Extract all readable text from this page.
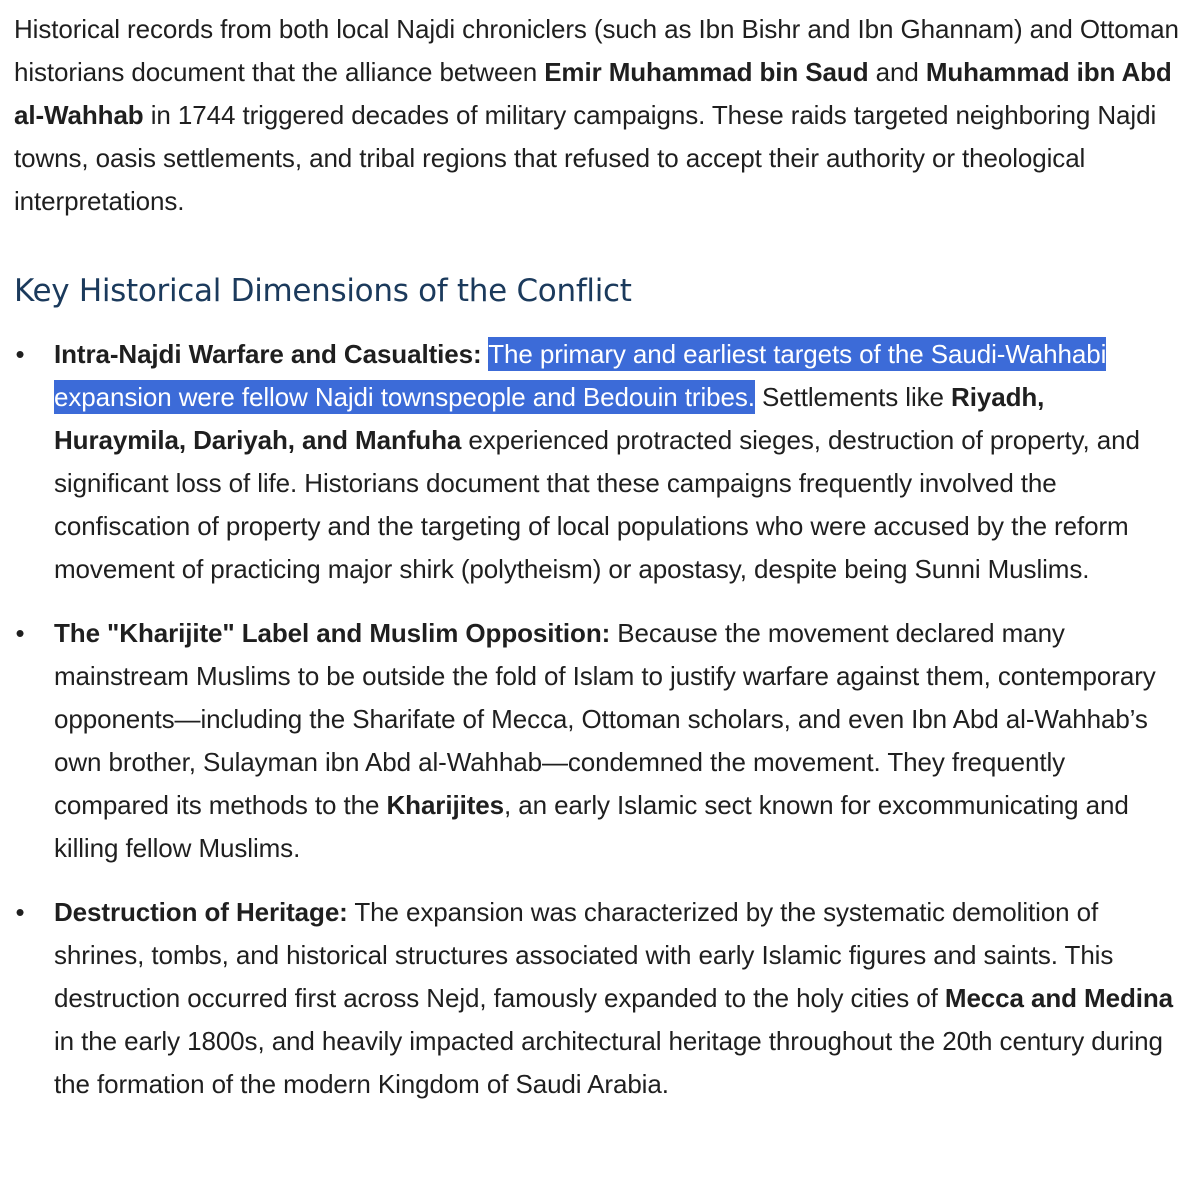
Historical records from both local Najdi chroniclers (such as Ibn Bishr and Ibn Ghannam) and Ottoman historians document that the alliance between Emir Muhammad bin Saud and Muhammad ibn Abd al-Wahhab in 1744 triggered decades of military campaigns. These raids targeted neighboring Najdi towns, oasis settlements, and tribal regions that refused to accept their authority or theological interpretations.

Key Historical Dimensions of the Conflict
• Intra-Najdi Warfare and Casualties: The primary and earliest targets of the Saudi-Wahhabi expansion were fellow Najdi townspeople and Bedouin tribes. Settlements like Riyadh, Huraymila, Dariyah, and Manfuha experienced protracted sieges, destruction of property, and significant loss of life. Historians document that these campaigns frequently involved the confiscation of property and the targeting of local populations who were accused by the reform movement of practicing major shirk (polytheism) or apostasy, despite being Sunni Muslims.
• The "Kharijite" Label and Muslim Opposition: Because the movement declared many mainstream Muslims to be outside the fold of Islam to justify warfare against them, contemporary opponents—including the Sharifate of Mecca, Ottoman scholars, and even Ibn Abd al-Wahhab’s own brother, Sulayman ibn Abd al-Wahhab—condemned the movement. They frequently compared its methods to the Kharijites, an early Islamic sect known for excommunicating and killing fellow Muslims.
• Destruction of Heritage: The expansion was characterized by the systematic demolition of shrines, tombs, and historical structures associated with early Islamic figures and saints. This destruction occurred first across Nejd, famously expanded to the holy cities of Mecca and Medina in the early 1800s, and heavily impacted architectural heritage throughout the 20th century during the formation of the modern Kingdom of Saudi Arabia.
